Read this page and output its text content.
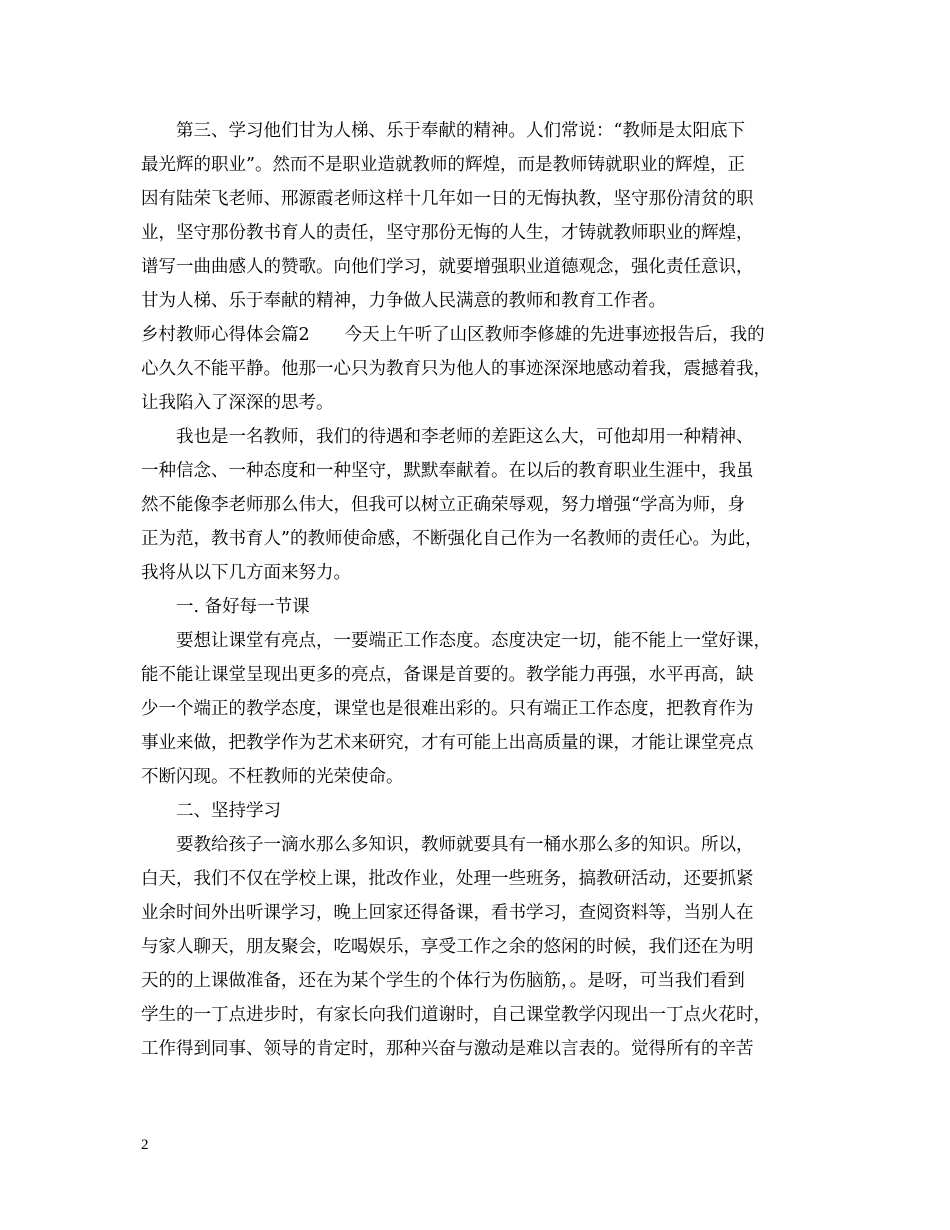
　　第三、学习他们甘为人梯、乐于奉献的精神。人们常说：“教师是太阳底下
最光辉的职业”。然而不是职业造就教师的辉煌，而是教师铸就职业的辉煌，正
因有陆荣飞老师、邢源霞老师这样十几年如一日的无悔执教，坚守那份清贫的职
业，坚守那份教书育人的责任，坚守那份无悔的人生，才铸就教师职业的辉煌，
谱写一曲曲感人的赞歌。向他们学习，就要增强职业道德观念，强化责任意识，
甘为人梯、乐于奉献的精神，力争做人民满意的教师和教育工作者。
乡村教师心得体会篇2　　今天上午听了山区教师李修雄的先进事迹报告后，我的
心久久不能平静。他那一心只为教育只为他人的事迹深深地感动着我，震撼着我，
让我陷入了深深的思考。
　　我也是一名教师，我们的待遇和李老师的差距这么大，可他却用一种精神、
一种信念、一种态度和一种坚守，默默奉献着。在以后的教育职业生涯中，我虽
然不能像李老师那么伟大，但我可以树立正确荣辱观，努力增强“学高为师，身
正为范，教书育人”的教师使命感，不断强化自己作为一名教师的责任心。为此，
我将从以下几方面来努力。
　　一. 备好每一节课
　　要想让课堂有亮点，一要端正工作态度。态度决定一切，能不能上一堂好课，
能不能让课堂呈现出更多的亮点，备课是首要的。教学能力再强，水平再高，缺
少一个端正的教学态度，课堂也是很难出彩的。只有端正工作态度，把教育作为
事业来做，把教学作为艺术来研究，才有可能上出高质量的课，才能让课堂亮点
不断闪现。不枉教师的光荣使命。
　　二、坚持学习
　　要教给孩子一滴水那么多知识，教师就要具有一桶水那么多的知识。所以，
白天，我们不仅在学校上课，批改作业，处理一些班务，搞教研活动，还要抓紧
业余时间外出听课学习，晚上回家还得备课，看书学习，查阅资料等，当别人在
与家人聊天，朋友聚会，吃喝娱乐，享受工作之余的悠闲的时候，我们还在为明
天的的上课做准备，还在为某个学生的个体行为伤脑筋，。是呀，可当我们看到
学生的一丁点进步时，有家长向我们道谢时，自己课堂教学闪现出一丁点火花时，
工作得到同事、领导的肯定时，那种兴奋与激动是难以言表的。觉得所有的辛苦
2
